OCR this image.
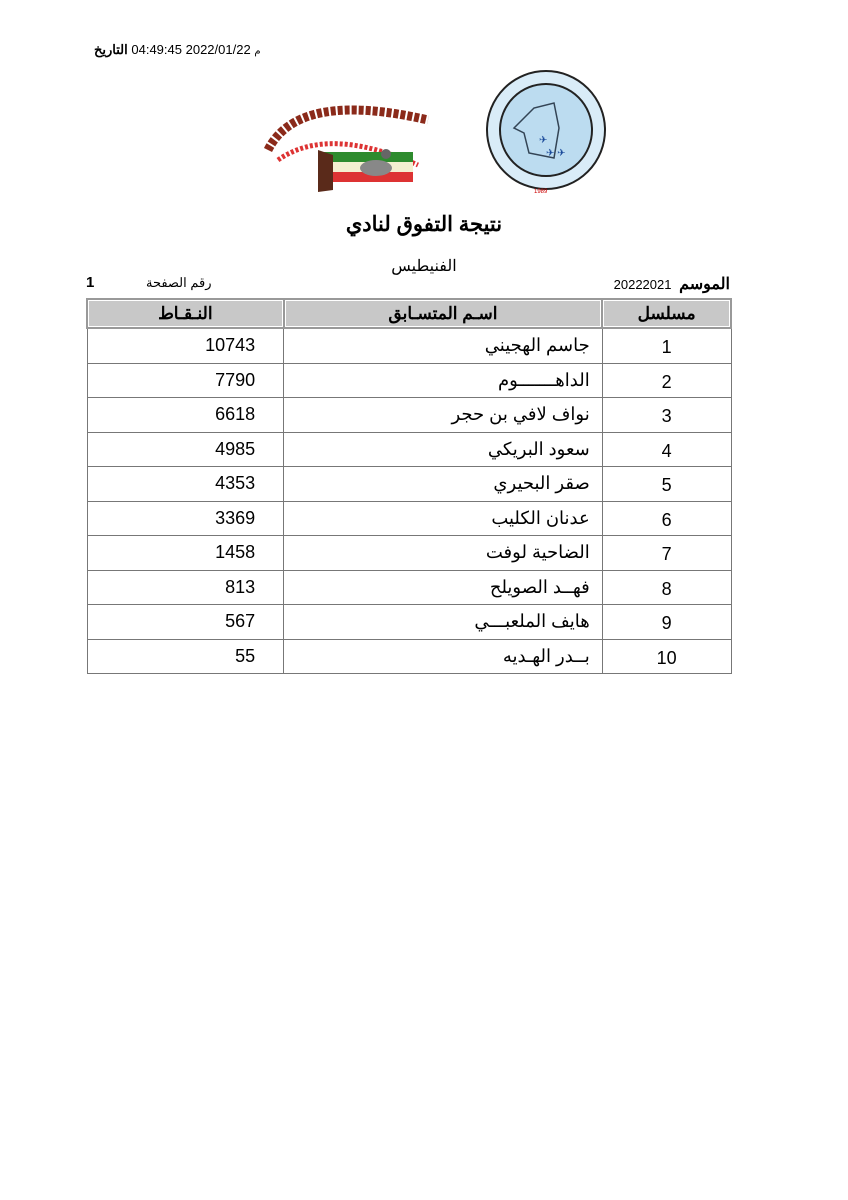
م 2022/01/22 04:49:45 التاريخ
✈
✈ ✈
1989
نتيجة التفوق لنادي
الفنيطيس
الموسم 20222021
1	رقم الصفحة
مسلسل	اسـم المتسـابق	النـقـاط
1	جاسم الهجيني	10743
2	الداهـــــــوم	7790
3	نواف لافي بن حجر	6618
4	سعود البريكي	4985
5	صقر البحيري	4353
6	عدنان الكليب	3369
7	الضاحية لوفت	1458
8	فهــد الصويلح	813
9	هايف الملعبـــي	567
10	بــدر الهـديه	55
